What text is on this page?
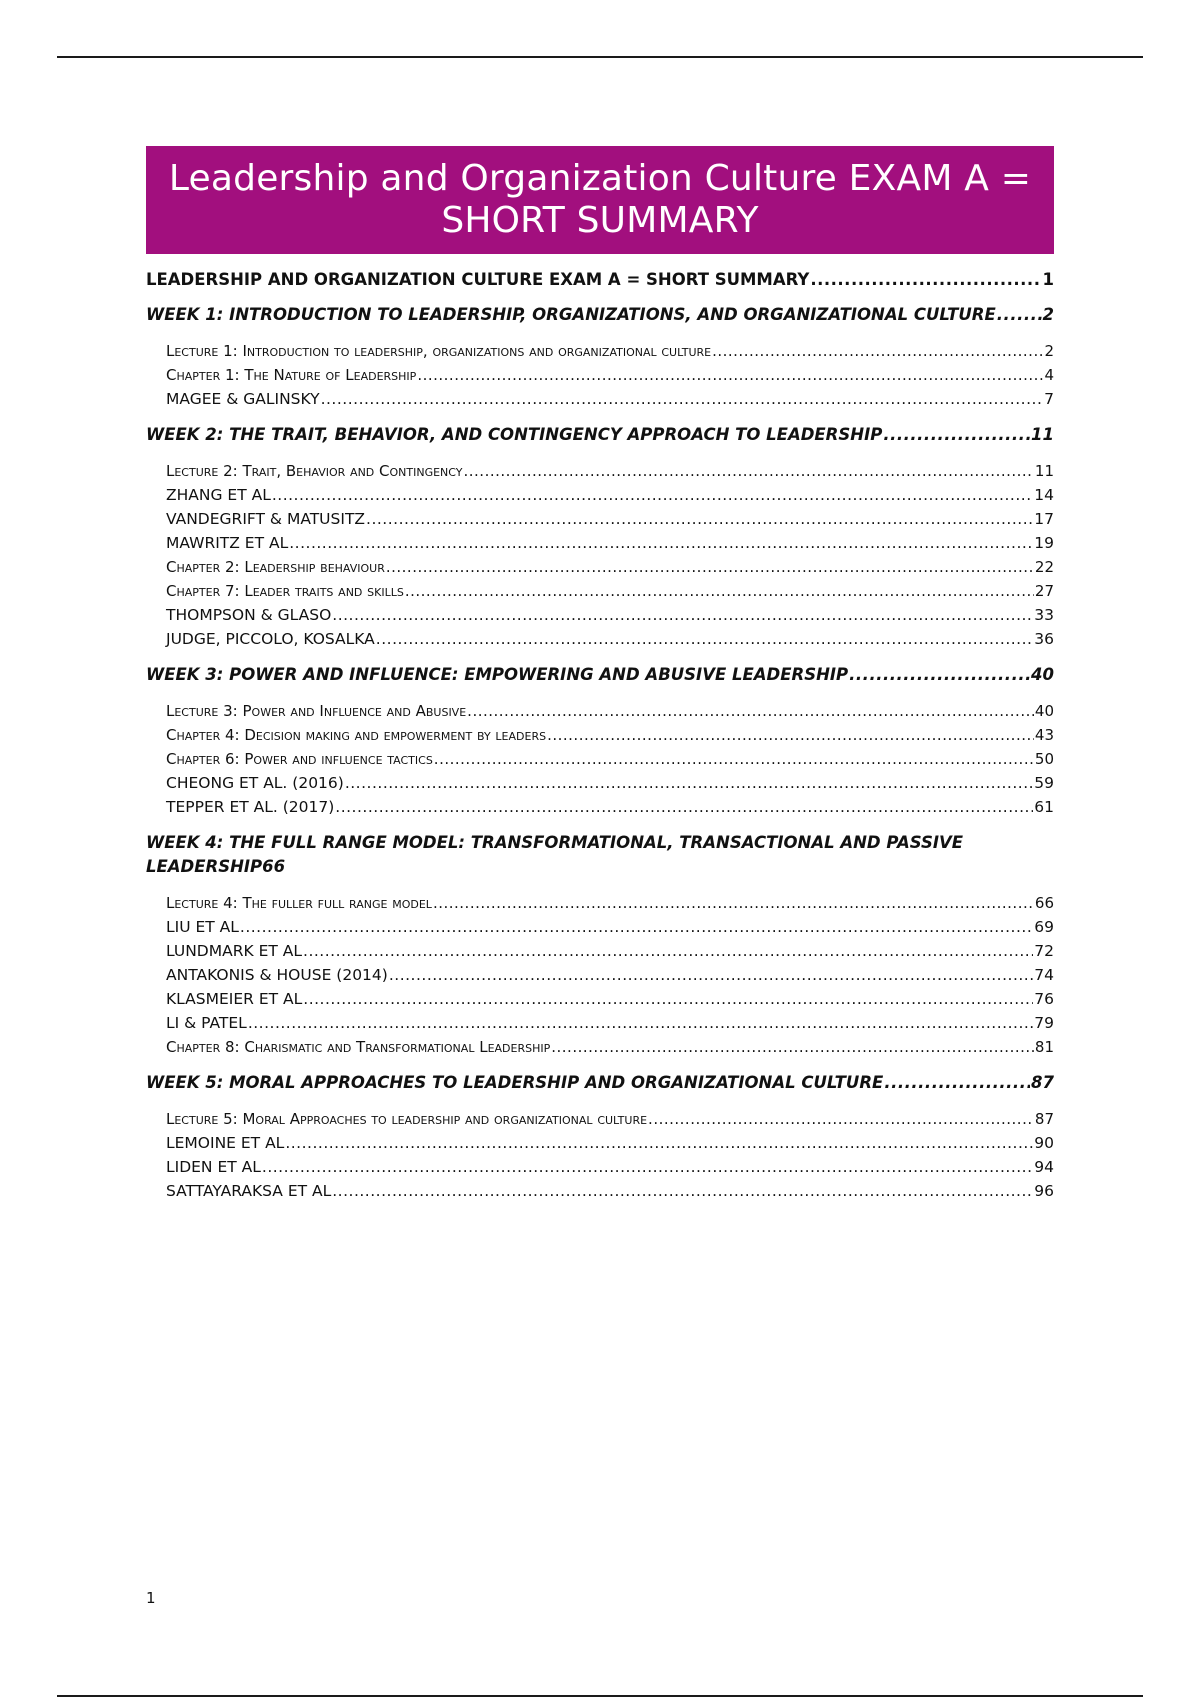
Leadership and Organization Culture EXAM A = SHORT SUMMARY
LEADERSHIP AND ORGANIZATION CULTURE EXAM A = SHORT SUMMARY .....	1
WEEK 1: INTRODUCTION TO LEADERSHIP, ORGANIZATIONS, AND ORGANIZATIONAL CULTURE .....	2
Lecture 1: Introduction to leadership, organizations and organizational culture .....	2
Chapter 1: The Nature of Leadership .....	4
MAGEE & GALINSKY .....	7
WEEK 2: THE TRAIT, BEHAVIOR, AND CONTINGENCY APPROACH TO LEADERSHIP .....	11
Lecture 2: Trait, Behavior and Contingency .....	11
ZHANG ET AL .....	14
VANDEGRIFT & MATUSITZ .....	17
MAWRITZ ET AL .....	19
Chapter 2: Leadership behaviour .....	22
Chapter 7: Leader traits and skills .....	27
THOMPSON & GLASO .....	33
JUDGE, PICCOLO, KOSALKA .....	36
WEEK 3: POWER AND INFLUENCE: EMPOWERING AND ABUSIVE LEADERSHIP .....	40
Lecture 3: Power and Influence and Abusive .....	40
Chapter 4: Decision making and empowerment by leaders .....	43
Chapter 6: Power and influence tactics .....	50
CHEONG ET AL. (2016) .....	59
TEPPER ET AL. (2017) .....	61
WEEK 4: THE FULL RANGE MODEL: TRANSFORMATIONAL, TRANSACTIONAL AND PASSIVE
LEADERSHIP 66
Lecture 4: The fuller full range model .....	66
LIU ET AL .....	69
LUNDMARK ET AL .....	72
ANTAKONIS & HOUSE (2014) .....	74
KLASMEIER ET AL .....	76
LI & PATEL .....	79
Chapter 8: Charismatic and Transformational Leadership .....	81
WEEK 5: MORAL APPROACHES TO LEADERSHIP AND ORGANIZATIONAL CULTURE .....	87
Lecture 5: Moral Approaches to leadership and organizational culture .....	87
LEMOINE ET AL .....	90
LIDEN ET AL .....	94
SATTAYARAKSA ET AL .....	96
1
